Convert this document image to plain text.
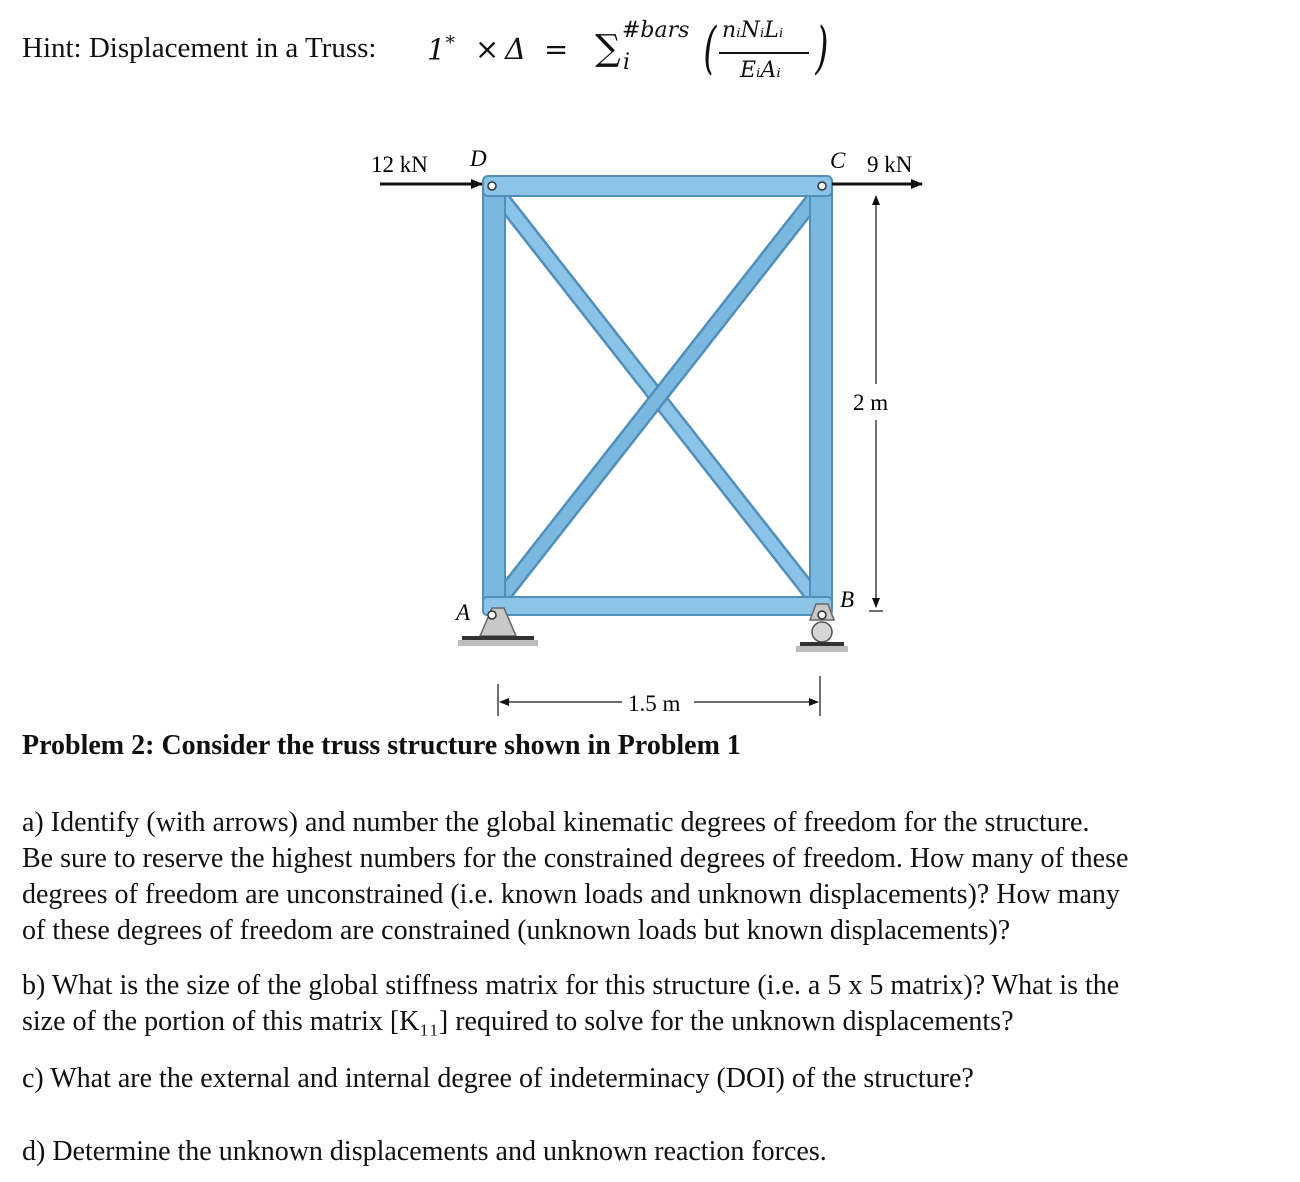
Hint: Displacement in a Truss: 1* × Δ = ∑ #bars
i ( nᵢNᵢLᵢ
EᵢAᵢ )
12 kN D	C 9 kN
A
B
2 m
1.5 m
Problem 2: Consider the truss structure shown in Problem 1
a) Identify (with arrows) and number the global kinematic degrees of freedom for the structure.
Be sure to reserve the highest numbers for the constrained degrees of freedom. How many of these
degrees of freedom are unconstrained (i.e. known loads and unknown displacements)? How many
of these degrees of freedom are constrained (unknown loads but known displacements)?
b) What is the size of the global stiffness matrix for this structure (i.e. a 5 x 5 matrix)? What is the
size of the portion of this matrix [K₁₁] required to solve for the unknown displacements?
c) What are the external and internal degree of indeterminacy (DOI) of the structure?
d) Determine the unknown displacements and unknown reaction forces.
